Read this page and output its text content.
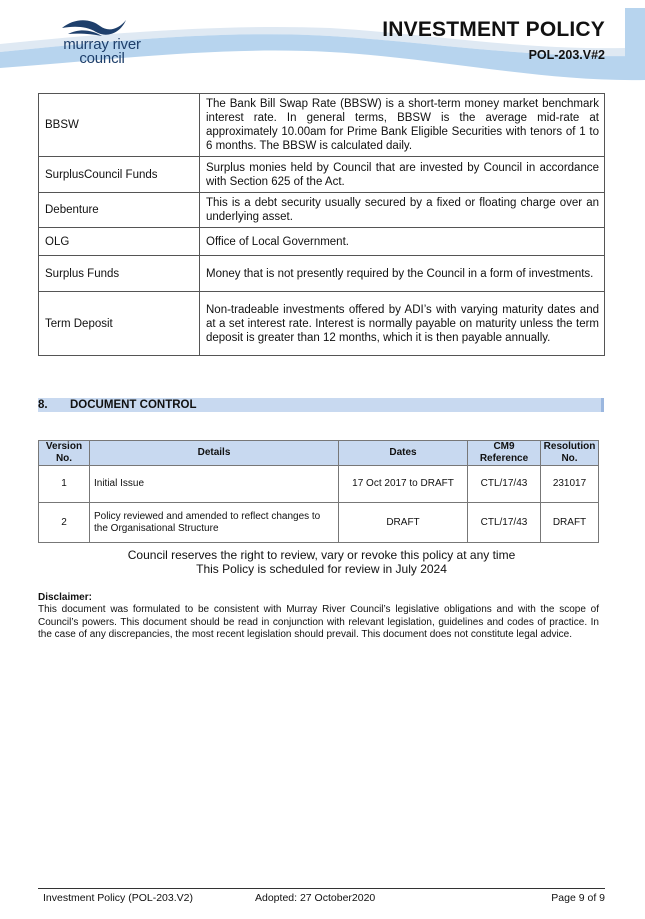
murray river
council
INVESTMENT POLICY
POL-203.V#2
BBSW	The Bank Bill Swap Rate (BBSW) is a short-term money market benchmark interest rate. In general terms, BBSW is the average mid-rate at approximately 10.00am for Prime Bank Eligible Securities with tenors of 1 to 6 months. The BBSW is calculated daily.
SurplusCouncil Funds	Surplus monies held by Council that are invested by Council in accordance with Section 625 of the Act.
Debenture	This is a debt security usually secured by a fixed or floating charge over an underlying asset.
OLG	Office of Local Government.
Surplus Funds	Money that is not presently required by the Council in a form of investments.
Term Deposit	Non-tradeable investments offered by ADI’s with varying maturity dates and at a set interest rate. Interest is normally payable on maturity unless the term deposit is greater than 12 months, which it is then payable annually.
8. DOCUMENT CONTROL
Version No.	Details	Dates	CM9 Reference	Resolution No.
1	Initial Issue	17 Oct 2017 to DRAFT	CTL/17/43	231017
2	Policy reviewed and amended to reflect changes to the Organisational Structure	DRAFT	CTL/17/43	DRAFT
Council reserves the right to review, vary or revoke this policy at any time
This Policy is scheduled for review in July 2024
Disclaimer:
This document was formulated to be consistent with Murray River Council’s legislative obligations and with the scope of Council’s powers. This document should be read in conjunction with relevant legislation, guidelines and codes of practice. In the case of any discrepancies, the most recent legislation should prevail. This document does not constitute legal advice.
Investment Policy (POL-203.V2)	Adopted: 27 October2020	Page 9 of 9
